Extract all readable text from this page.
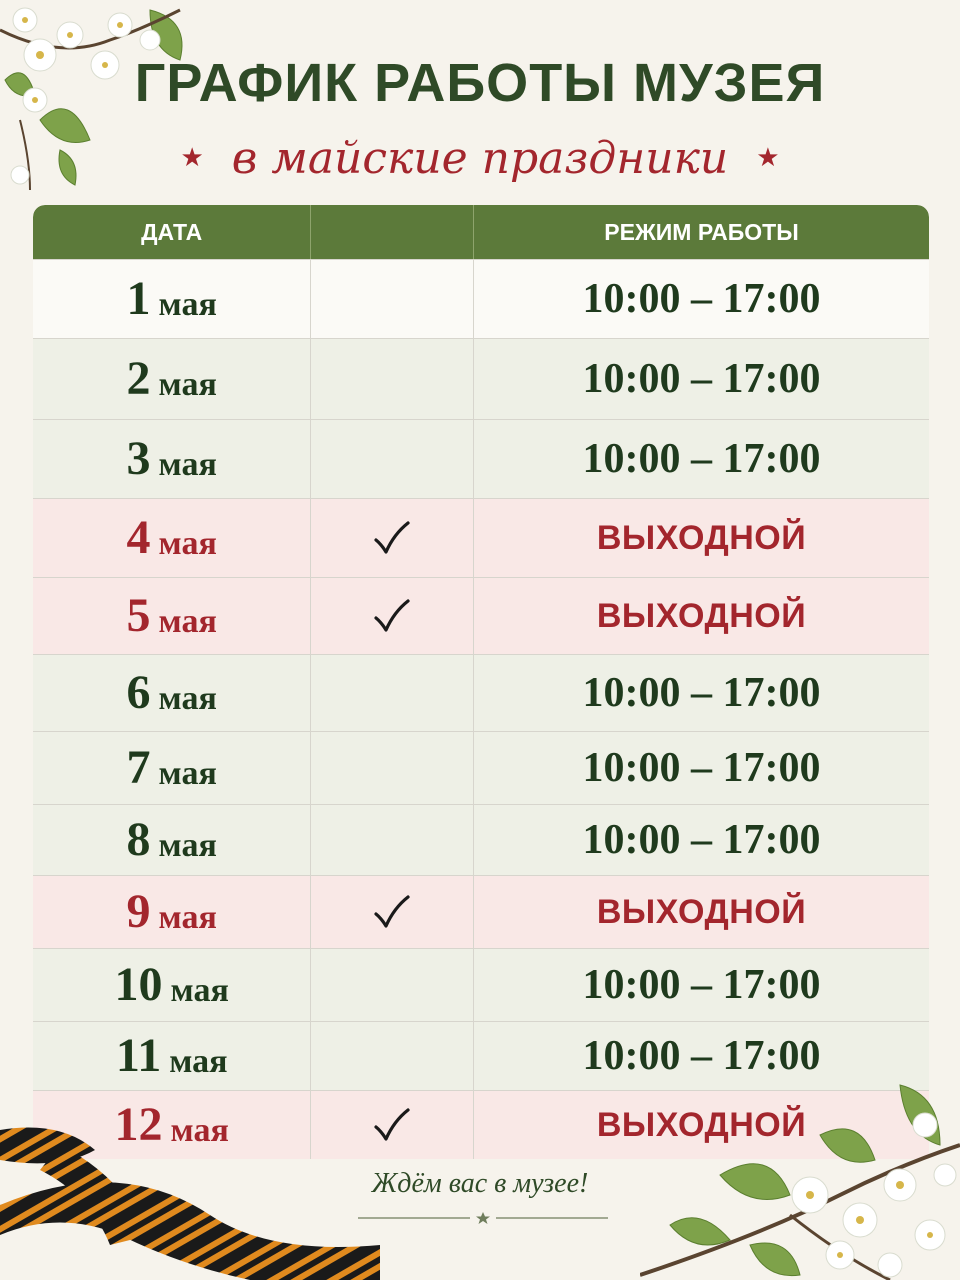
ГРАФИК РАБОТЫ МУЗЕЯ
★ в майские праздники ★
ДАТА	РЕЖИМ РАБОТЫ
1 мая	10:00 – 17:00
2 мая	10:00 – 17:00
3 мая	10:00 – 17:00
4 мая	ВЫХОДНОЙ
5 мая	ВЫХОДНОЙ
6 мая	10:00 – 17:00
7 мая	10:00 – 17:00
8 мая	10:00 – 17:00
9 мая	ВЫХОДНОЙ
10 мая	10:00 – 17:00
11 мая	10:00 – 17:00
12 мая	ВЫХОДНОЙ
Ждём вас в музее!
